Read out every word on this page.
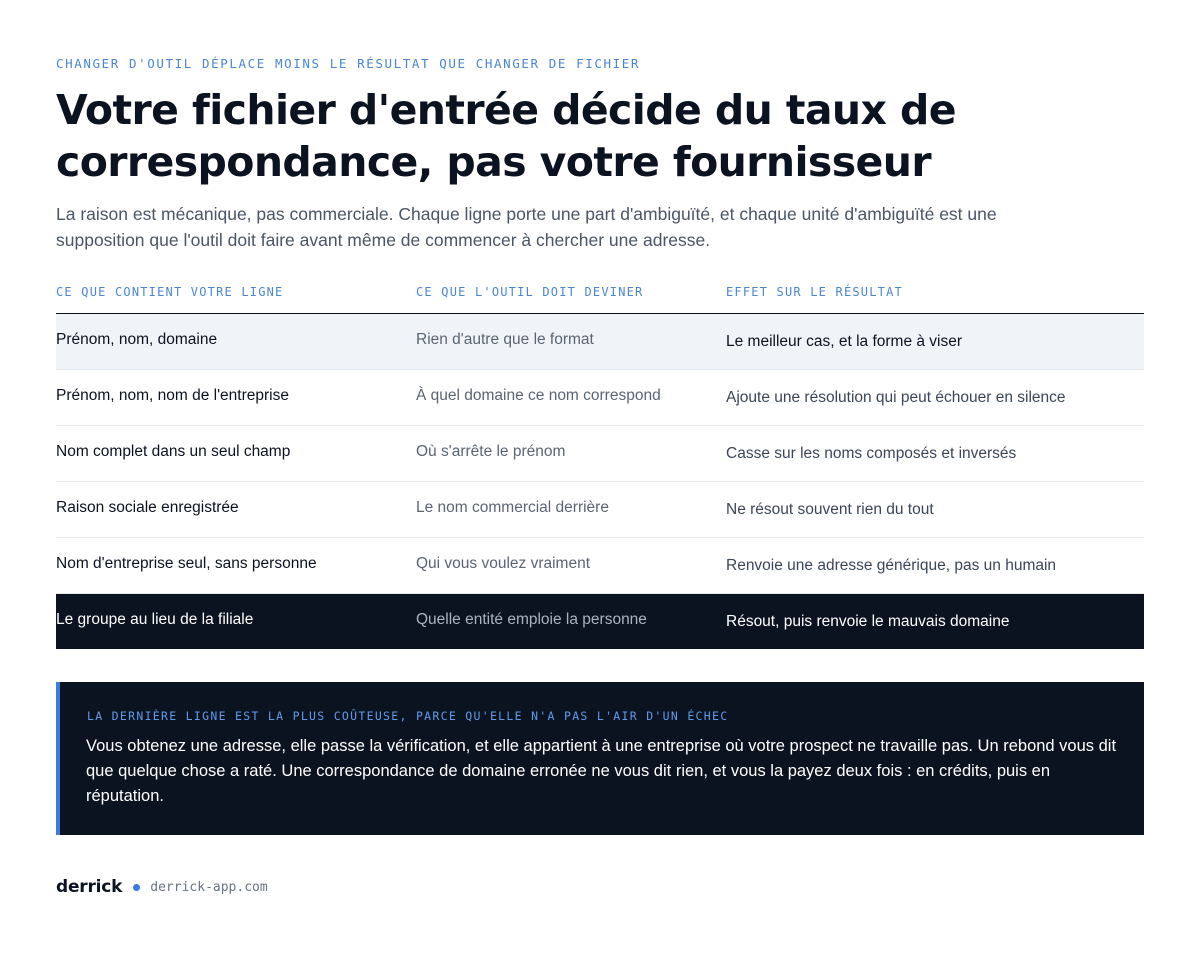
CHANGER D'OUTIL DÉPLACE MOINS LE RÉSULTAT QUE CHANGER DE FICHIER
Votre fichier d'entrée décide du taux de correspondance, pas votre fournisseur

La raison est mécanique, pas commerciale. Chaque ligne porte une part d'ambiguïté, et chaque unité d'ambiguïté est une supposition que l'outil doit faire avant même de commencer à chercher une adresse.

CE QUE CONTIENT VOTRE LIGNE	CE QUE L'OUTIL DOIT DEVINER	EFFET SUR LE RÉSULTAT
Prénom, nom, domaine	Rien d'autre que le format	Le meilleur cas, et la forme à viser
Prénom, nom, nom de l'entreprise	À quel domaine ce nom correspond	Ajoute une résolution qui peut échouer en silence
Nom complet dans un seul champ	Où s'arrête le prénom	Casse sur les noms composés et inversés
Raison sociale enregistrée	Le nom commercial derrière	Ne résout souvent rien du tout
Nom d'entreprise seul, sans personne	Qui vous voulez vraiment	Renvoie une adresse générique, pas un humain
Le groupe au lieu de la filiale	Quelle entité emploie la personne	Résout, puis renvoie le mauvais domaine
LA DERNIÈRE LIGNE EST LA PLUS COÛTEUSE, PARCE QU'ELLE N'A PAS L'AIR D'UN ÉCHEC

Vous obtenez une adresse, elle passe la vérification, et elle appartient à une entreprise où votre prospect ne travaille pas. Un rebond vous dit que quelque chose a raté. Une correspondance de domaine erronée ne vous dit rien, et vous la payez deux fois : en crédits, puis en réputation.

derrick derrick-app.com
